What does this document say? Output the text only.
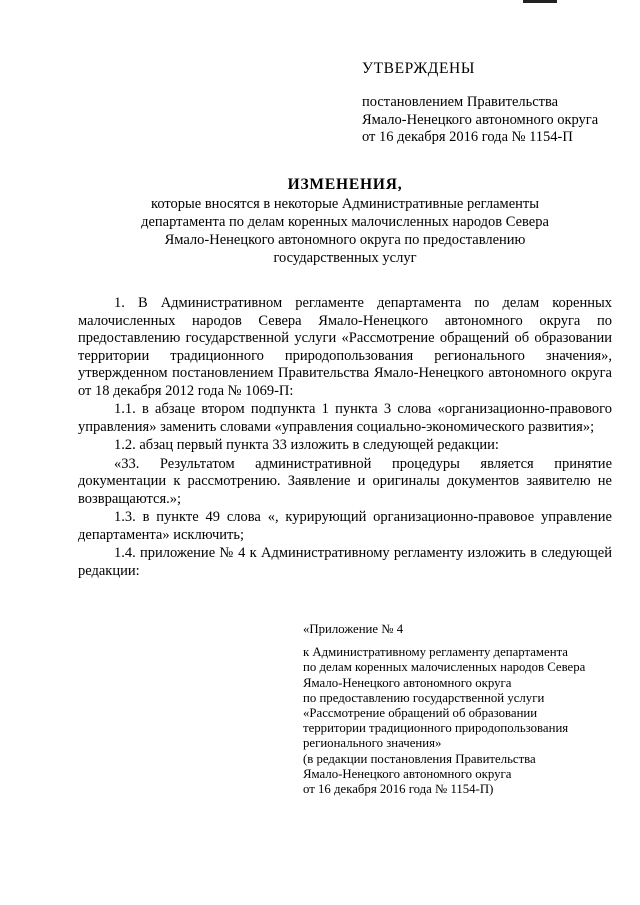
УТВЕРЖДЕНЫ
постановлением Правительства
Ямало-Ненецкого автономного округа
от 16 декабря 2016 года № 1154-П
ИЗМЕНЕНИЯ,
которые вносятся в некоторые Административные регламенты
департамента по делам коренных малочисленных народов Севера
Ямало-Ненецкого автономного округа по предоставлению
государственных услуг

1. В Административном регламенте департамента по делам коренных малочисленных народов Севера Ямало-Ненецкого автономного округа по предоставлению государственной услуги «Рассмотрение обращений об образовании территории традиционного природопользования регионального значения», утвержденном постановлением Правительства Ямало-Ненецкого автономного округа от 18 декабря 2012 года № 1069-П:

1.1. в абзаце втором подпункта 1 пункта 3 слова «организационно-правового управления» заменить словами «управления социально-экономического развития»;

1.2. абзац первый пункта 33 изложить в следующей редакции:

«33. Результатом административной процедуры является принятие документации к рассмотрению. Заявление и оригиналы документов заявителю не возвращаются.»;

1.3. в пункте 49 слова «, курирующий организационно-правовое управление департамента» исключить;

1.4. приложение № 4 к Административному регламенту изложить в следующей редакции:

«Приложение № 4
к Административному регламенту департамента
по делам коренных малочисленных народов Севера
Ямало-Ненецкого автономного округа
по предоставлению государственной услуги
«Рассмотрение обращений об образовании
территории традиционного природопользования
регионального значения»
(в редакции постановления Правительства
Ямало-Ненецкого автономного округа
от 16 декабря 2016 года № 1154-П)
